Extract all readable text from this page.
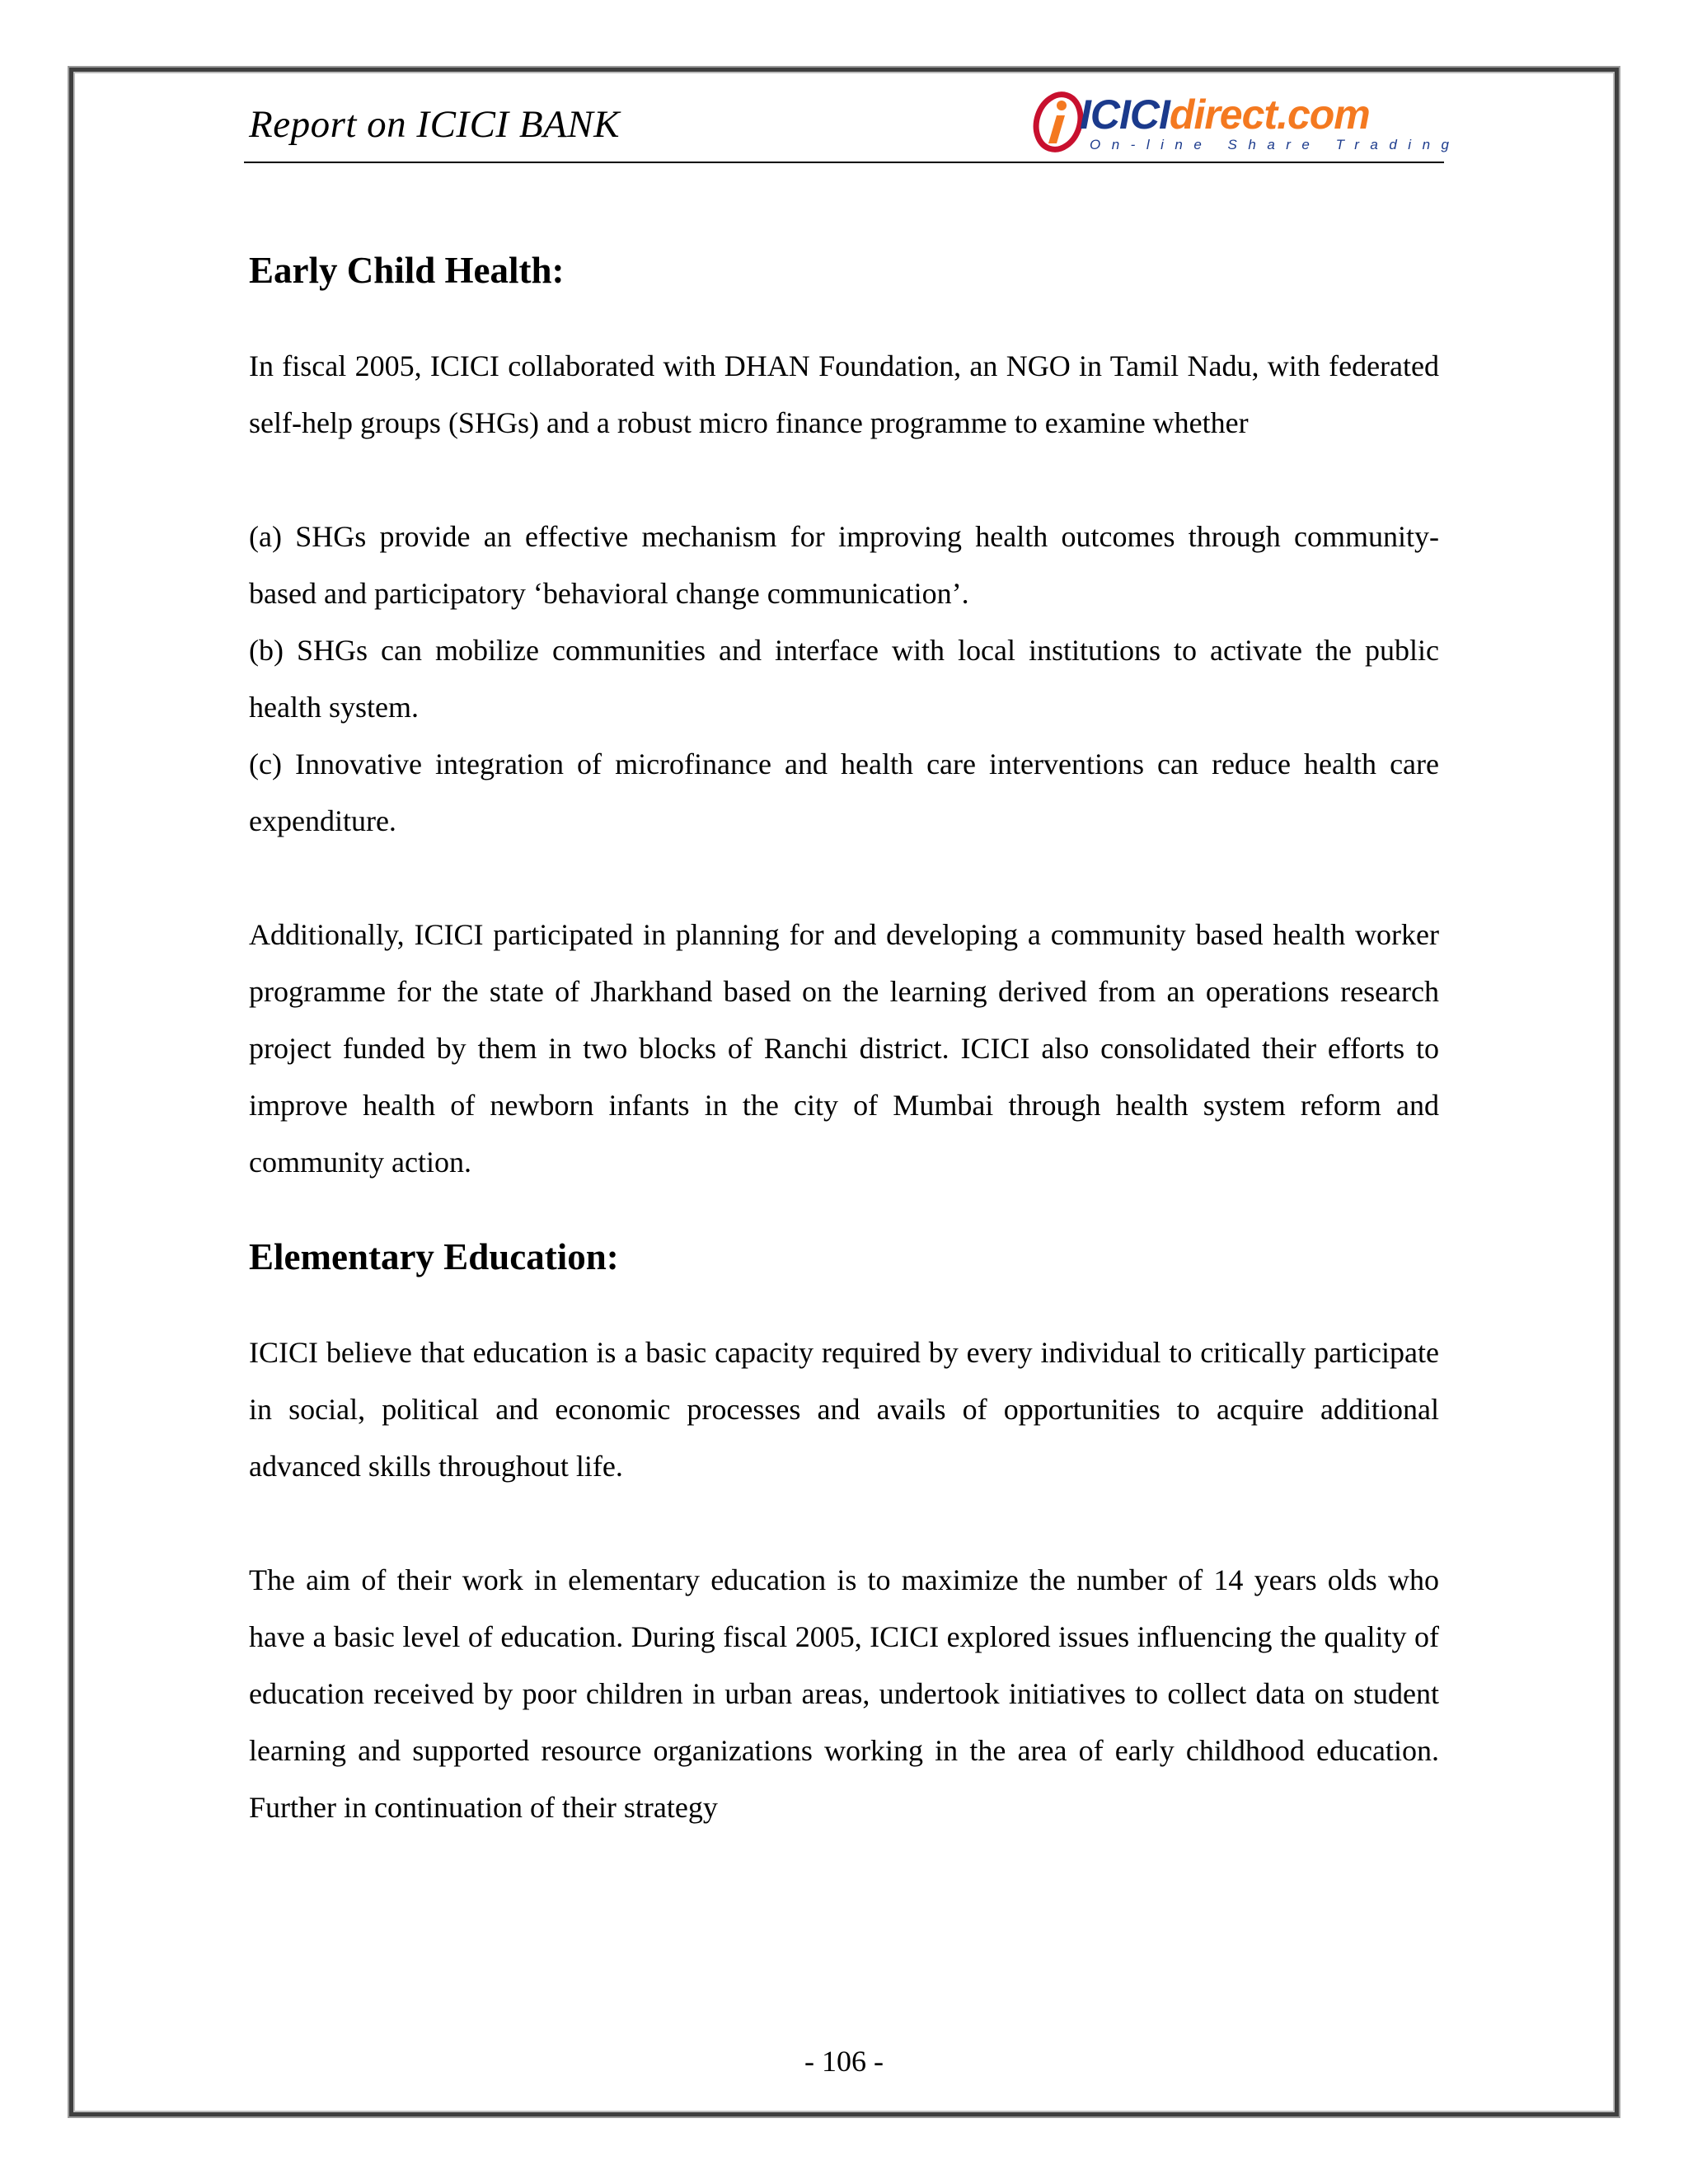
Report on ICICI BANK	ICICIdirect.com
On-line Share Trading
Early Child Health:

In fiscal 2005, ICICI collaborated with DHAN Foundation, an NGO in Tamil Nadu, with federated self-help groups (SHGs) and a robust micro finance programme to examine whether

(a) SHGs provide an effective mechanism for improving health outcomes through community-based and participatory ‘behavioral change communication’.

(b) SHGs can mobilize communities and interface with local institutions to activate the public health system.

(c) Innovative integration of microfinance and health care interventions can reduce health care expenditure.

Additionally, ICICI participated in planning for and developing a community based health worker programme for the state of Jharkhand based on the learning derived from an operations research project funded by them in two blocks of Ranchi district. ICICI also consolidated their efforts to improve health of newborn infants in the city of Mumbai through health system reform and community action.

Elementary Education:

ICICI believe that education is a basic capacity required by every individual to critically participate in social, political and economic processes and avails of opportunities to acquire additional advanced skills throughout life.

The aim of their work in elementary education is to maximize the number of 14 years olds who have a basic level of education. During fiscal 2005, ICICI explored issues influencing the quality of education received by poor children in urban areas, undertook initiatives to collect data on student learning and supported resource organizations working in the area of early childhood education. Further in continuation of their strategy

- 106 -
